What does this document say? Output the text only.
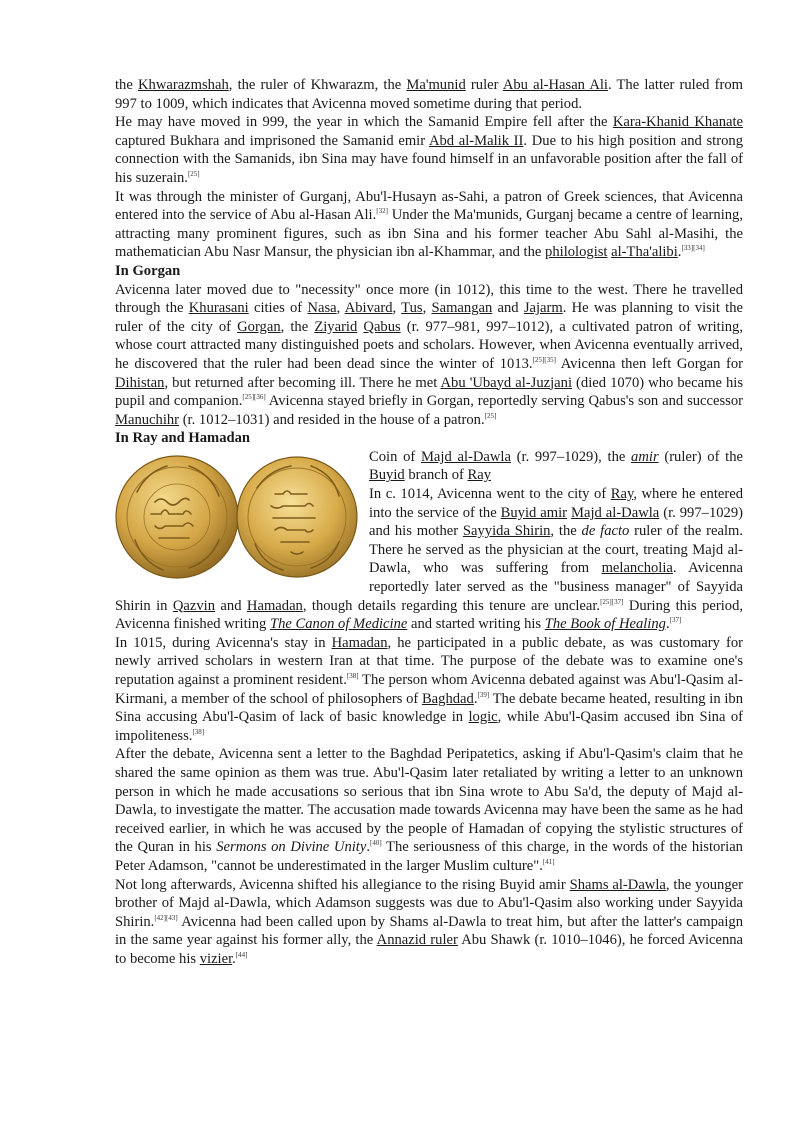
the Khwarazmshah, the ruler of Khwarazm, the Ma'munid ruler Abu al-Hasan Ali. The latter ruled from 997 to 1009, which indicates that Avicenna moved sometime during that period.

He may have moved in 999, the year in which the Samanid Empire fell after the Kara-Khanid Khanate captured Bukhara and imprisoned the Samanid emir Abd al-Malik II. Due to his high position and strong connection with the Samanids, ibn Sina may have found himself in an unfavorable position after the fall of his suzerain.[25]

It was through the minister of Gurganj, Abu'l-Husayn as-Sahi, a patron of Greek sciences, that Avicenna entered into the service of Abu al-Hasan Ali.[32] Under the Ma'munids, Gurganj became a centre of learning, attracting many prominent figures, such as ibn Sina and his former teacher Abu Sahl al-Masihi, the mathematician Abu Nasr Mansur, the physician ibn al-Khammar, and the philologist al-Tha'alibi.[33][34]

In Gorgan

Avicenna later moved due to "necessity" once more (in 1012), this time to the west. There he travelled through the Khurasani cities of Nasa, Abivard, Tus, Samangan and Jajarm. He was planning to visit the ruler of the city of Gorgan, the Ziyarid Qabus (r. 977–981, 997–1012), a cultivated patron of writing, whose court attracted many distinguished poets and scholars. However, when Avicenna eventually arrived, he discovered that the ruler had been dead since the winter of 1013.[25][35] Avicenna then left Gorgan for Dihistan, but returned after becoming ill. There he met Abu 'Ubayd al-Juzjani (died 1070) who became his pupil and companion.[25][36] Avicenna stayed briefly in Gorgan, reportedly serving Qabus's son and successor Manuchihr (r. 1012–1031) and resided in the house of a patron.[25]

In Ray and Hamadan

Coin of Majd al-Dawla (r. 997–1029), the amir (ruler) of the Buyid branch of Ray

In c. 1014, Avicenna went to the city of Ray, where he entered into the service of the Buyid amir Majd al-Dawla (r. 997–1029) and his mother Sayyida Shirin, the de facto ruler of the realm. There he served as the physician at the court, treating Majd al-Dawla, who was suffering from melancholia. Avicenna reportedly later served as the "business manager" of Sayyida Shirin in Qazvin and Hamadan, though details regarding this tenure are unclear.[25][37] During this period, Avicenna finished writing The Canon of Medicine and started writing his The Book of Healing.[37]

In 1015, during Avicenna's stay in Hamadan, he participated in a public debate, as was customary for newly arrived scholars in western Iran at that time. The purpose of the debate was to examine one's reputation against a prominent resident.[38] The person whom Avicenna debated against was Abu'l-Qasim al-Kirmani, a member of the school of philosophers of Baghdad.[39] The debate became heated, resulting in ibn Sina accusing Abu'l-Qasim of lack of basic knowledge in logic, while Abu'l-Qasim accused ibn Sina of impoliteness.[38]

After the debate, Avicenna sent a letter to the Baghdad Peripatetics, asking if Abu'l-Qasim's claim that he shared the same opinion as them was true. Abu'l-Qasim later retaliated by writing a letter to an unknown person in which he made accusations so serious that ibn Sina wrote to Abu Sa'd, the deputy of Majd al-Dawla, to investigate the matter. The accusation made towards Avicenna may have been the same as he had received earlier, in which he was accused by the people of Hamadan of copying the stylistic structures of the Quran in his Sermons on Divine Unity.[40] The seriousness of this charge, in the words of the historian Peter Adamson, "cannot be underestimated in the larger Muslim culture".[41]

Not long afterwards, Avicenna shifted his allegiance to the rising Buyid amir Shams al-Dawla, the younger brother of Majd al-Dawla, which Adamson suggests was due to Abu'l-Qasim also working under Sayyida Shirin.[42][43] Avicenna had been called upon by Shams al-Dawla to treat him, but after the latter's campaign in the same year against his former ally, the Annazid ruler Abu Shawk (r. 1010–1046), he forced Avicenna to become his vizier.[44]
